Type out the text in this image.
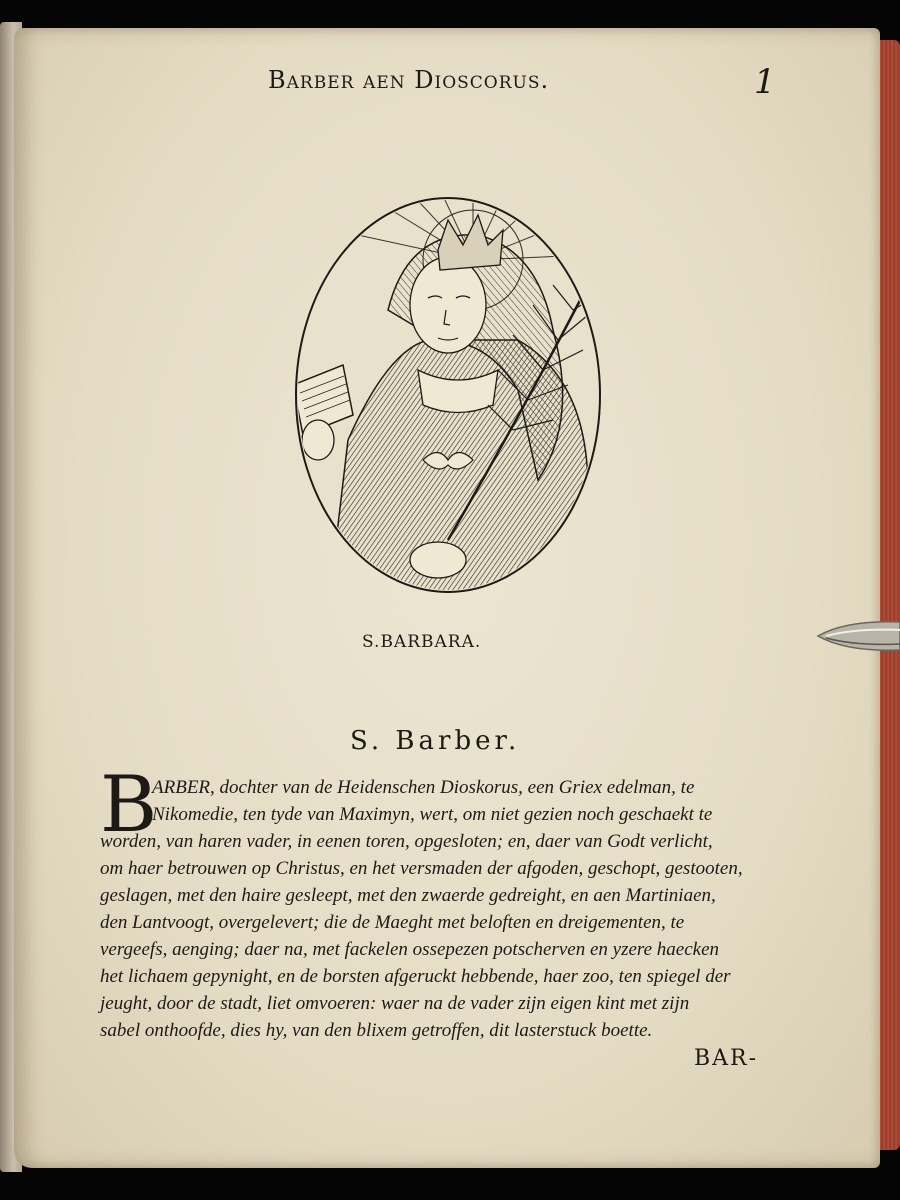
Barber aen Dioscorus.	1
S.BARBARA.
S. Barber.
B
ARBER, dochter van de Heidenschen Dioskorus, een Griex edelman, te
Nikomedie, ten tyde van Maximyn, wert, om niet gezien noch geschaekt te
worden, van haren vader, in eenen toren, opgesloten; en, daer van Godt verlicht,
om haer betrouwen op Christus, en het versmaden der afgoden, geschopt, gestooten,
geslagen, met den haire gesleept, met den zwaerde gedreight, en aen Martiniaen,
den Lantvoogt, overgelevert; die de Maeght met beloften en dreigementen, te
vergeefs, aenging; daer na, met fackelen ossepezen potscherven en yzere haecken
het lichaem gepynight, en de borsten afgeruckt hebbende, haer zoo, ten spiegel der
jeught, door de stadt, liet omvoeren: waer na de vader zijn eigen kint met zijn
sabel onthoofde, dies hy, van den blixem getroffen, dit lasterstuck boette.
BAR-
